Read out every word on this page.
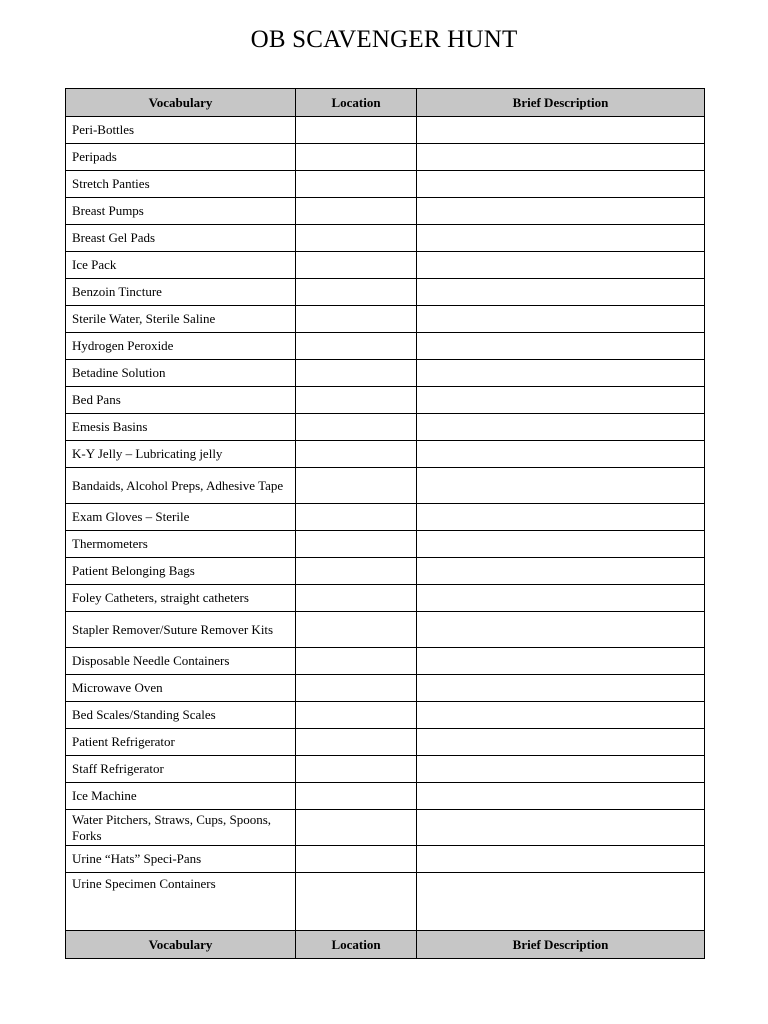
OB SCAVENGER HUNT
Vocabulary	Location	Brief Description
Peri-Bottles		
Peripads		
Stretch Panties		
Breast Pumps		
Breast Gel Pads		
Ice Pack		
Benzoin Tincture		
Sterile Water, Sterile Saline		
Hydrogen Peroxide		
Betadine Solution		
Bed Pans		
Emesis Basins		
K-Y Jelly – Lubricating jelly		
Bandaids, Alcohol Preps, Adhesive Tape		
Exam Gloves – Sterile		
Thermometers		
Patient Belonging Bags		
Foley Catheters, straight catheters		
Stapler Remover/Suture Remover Kits		
Disposable Needle Containers		
Microwave Oven		
Bed Scales/Standing Scales		
Patient Refrigerator		
Staff Refrigerator		
Ice Machine		
Water Pitchers, Straws, Cups, Spoons, Forks		
Urine “Hats” Speci-Pans		
Urine Specimen Containers		
Vocabulary	Location	Brief Description
